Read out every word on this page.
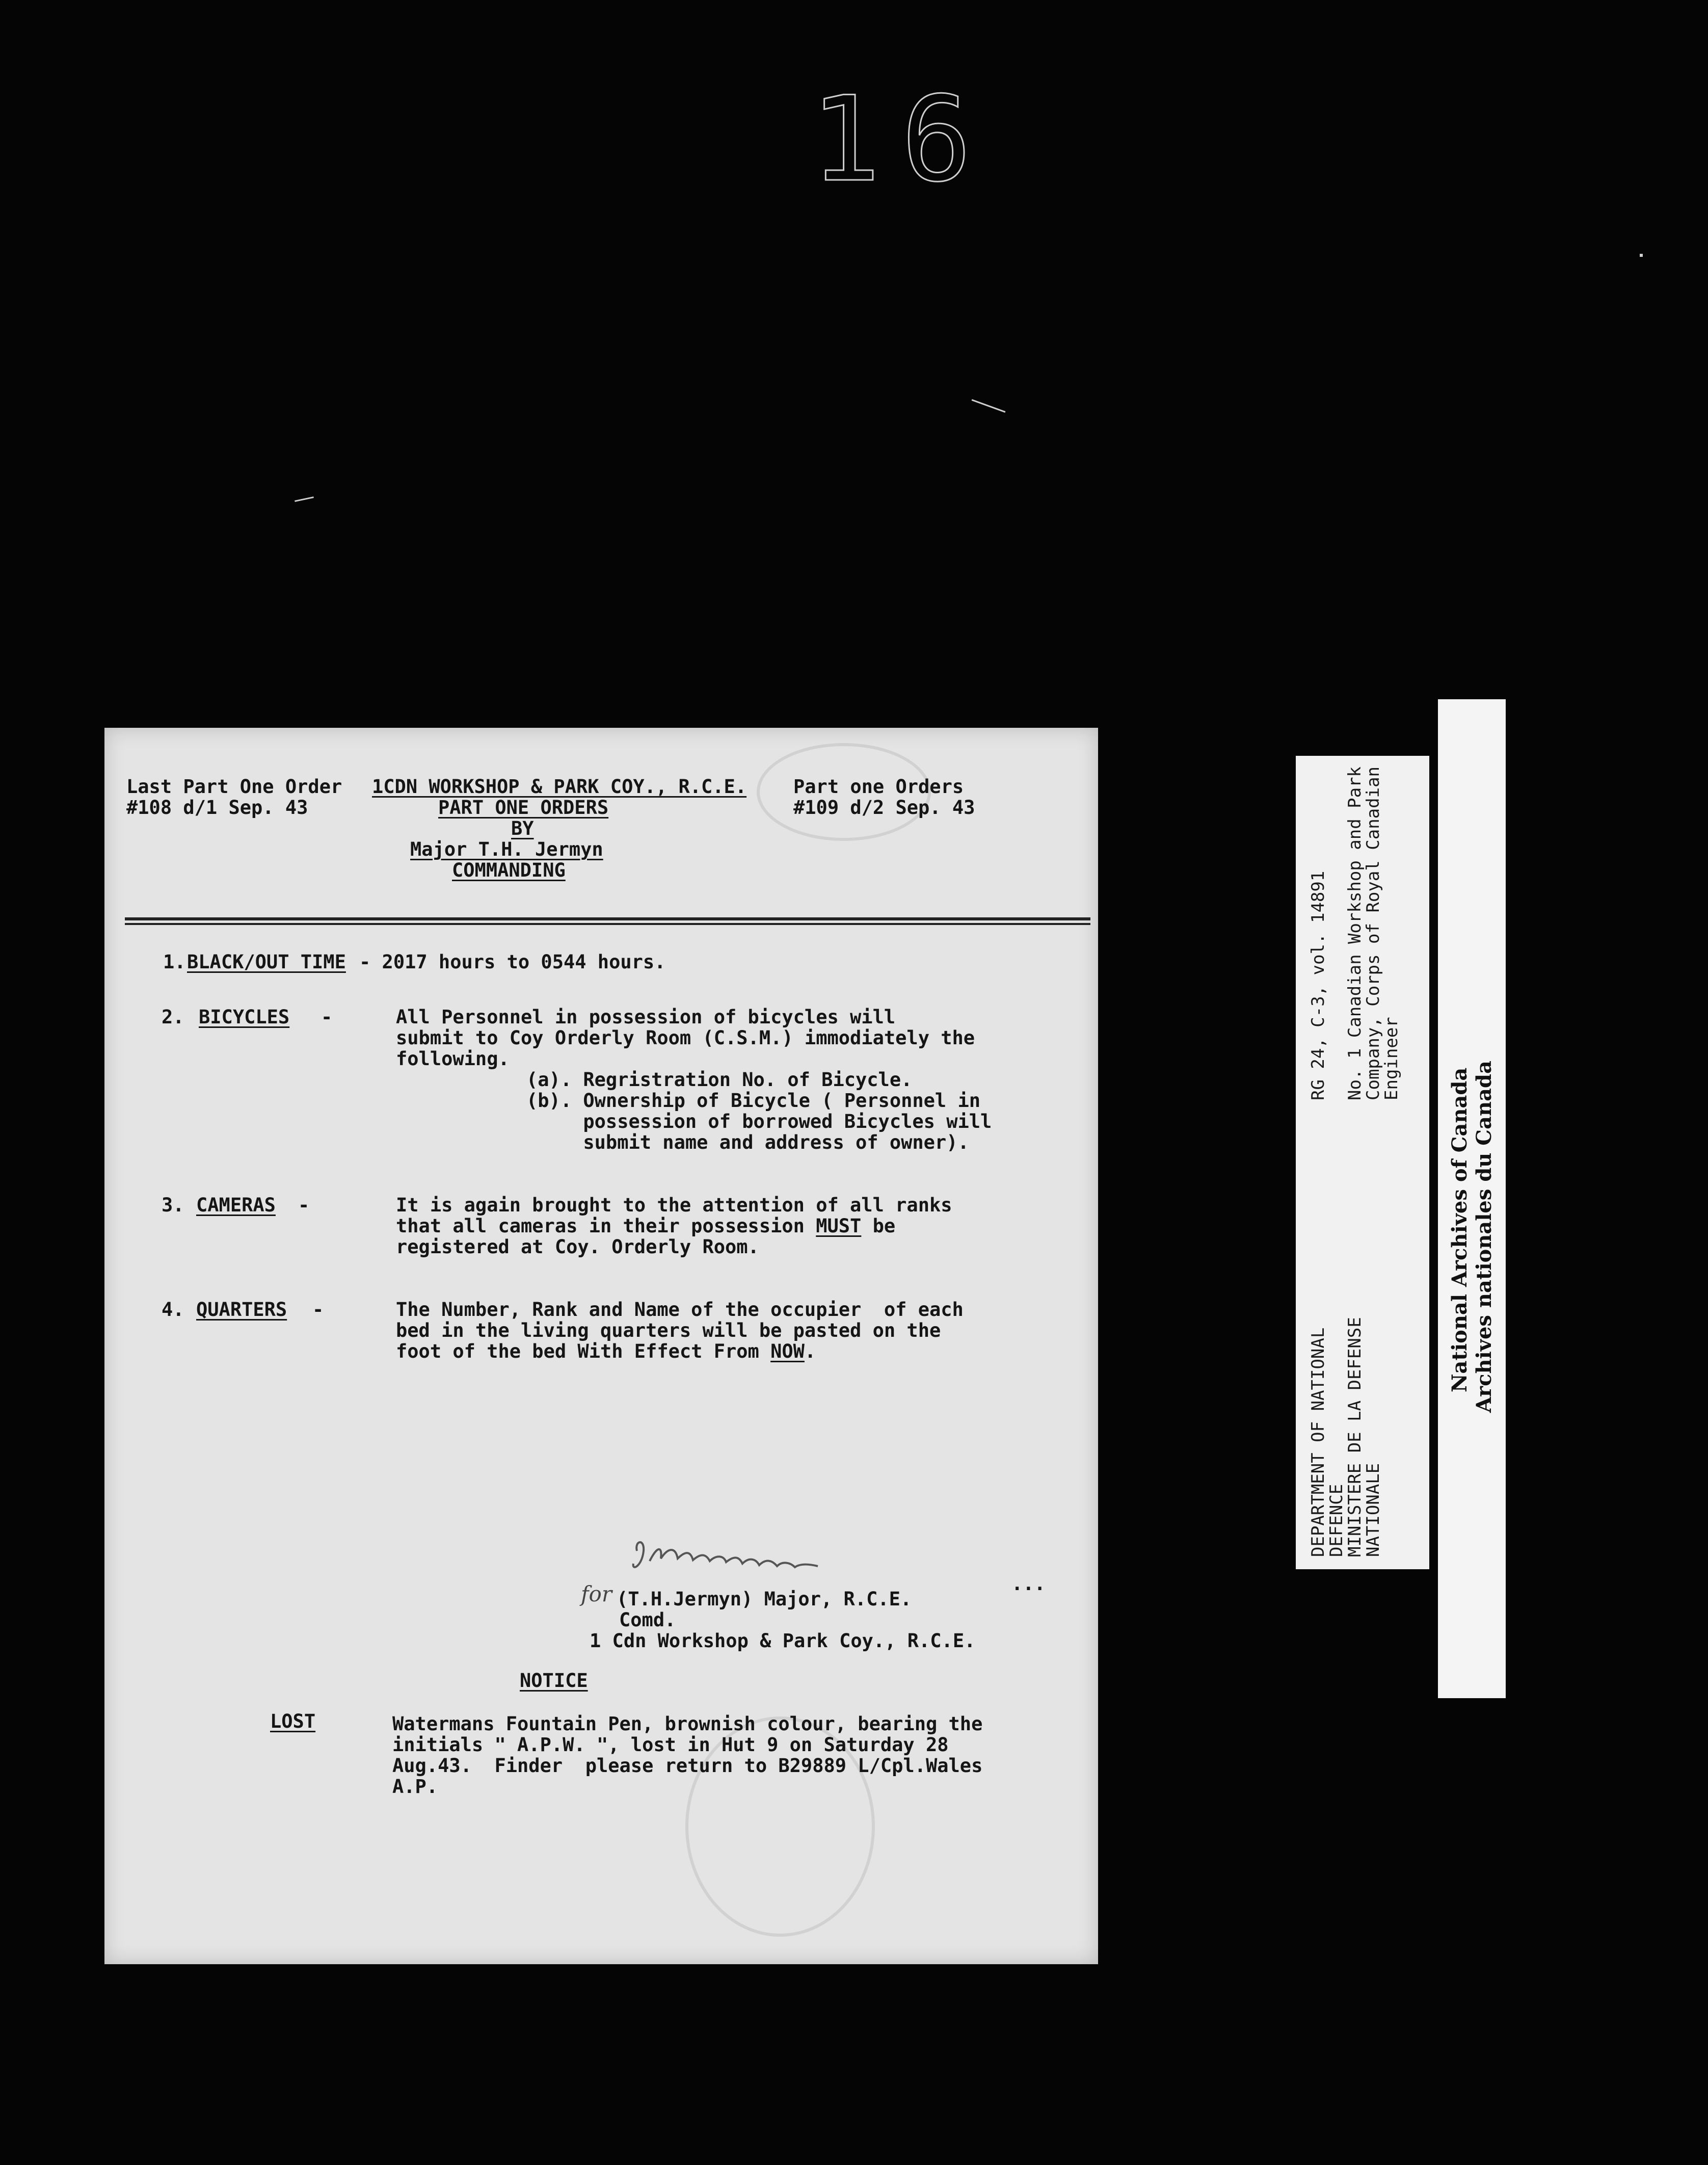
16
Last Part One Order
#108 d/1 Sep. 43
1CDN WORKSHOP & PARK COY., R.C.E.
PART ONE ORDERS
BY
Major T.H. Jermyn
COMMANDING
Part one Orders
#109 d/2 Sep. 43
1. BLACK/OUT TIME - 2017 hours to 0544 hours.
2. BICYCLES -	All Personnel in possession of bicycles will
submit to Coy Orderly Room (C.S.M.) immodiately the
following.
(a). Regristration No. of Bicycle.
(b). Ownership of Bicycle ( Personnel in
possession of borrowed Bicycles will
submit name and address of owner).
3. CAMERAS -	It is again brought to the attention of all ranks
that all cameras in their possession MUST be
registered at Coy. Orderly Room.
4. QUARTERS -	The Number, Rank and Name of the occupier  of each
bed in the living quarters will be pasted on the
foot of the bed With Effect From NOW.
for	...
(T.H.Jermyn) Major, R.C.E.
Comd.
1 Cdn Workshop & Park Coy., R.C.E.
NOTICE
LOST	Watermans Fountain Pen, brownish colour, bearing the
initials " A.P.W. ", lost in Hut 9 on Saturday 28
Aug.43.  Finder  please return to B29889 L/Cpl.Wales
A.P.
DEPARTMENT OF NATIONAL
DEFENCE
MINISTERE DE LA DEFENSE
NATIONALE
RG 24, C-3, vol. 14891 No. 1 Canadian Workshop and Park
Company, Corps of Royal Canadian
Engineer
National Archives of Canada Archives nationales du Canada
